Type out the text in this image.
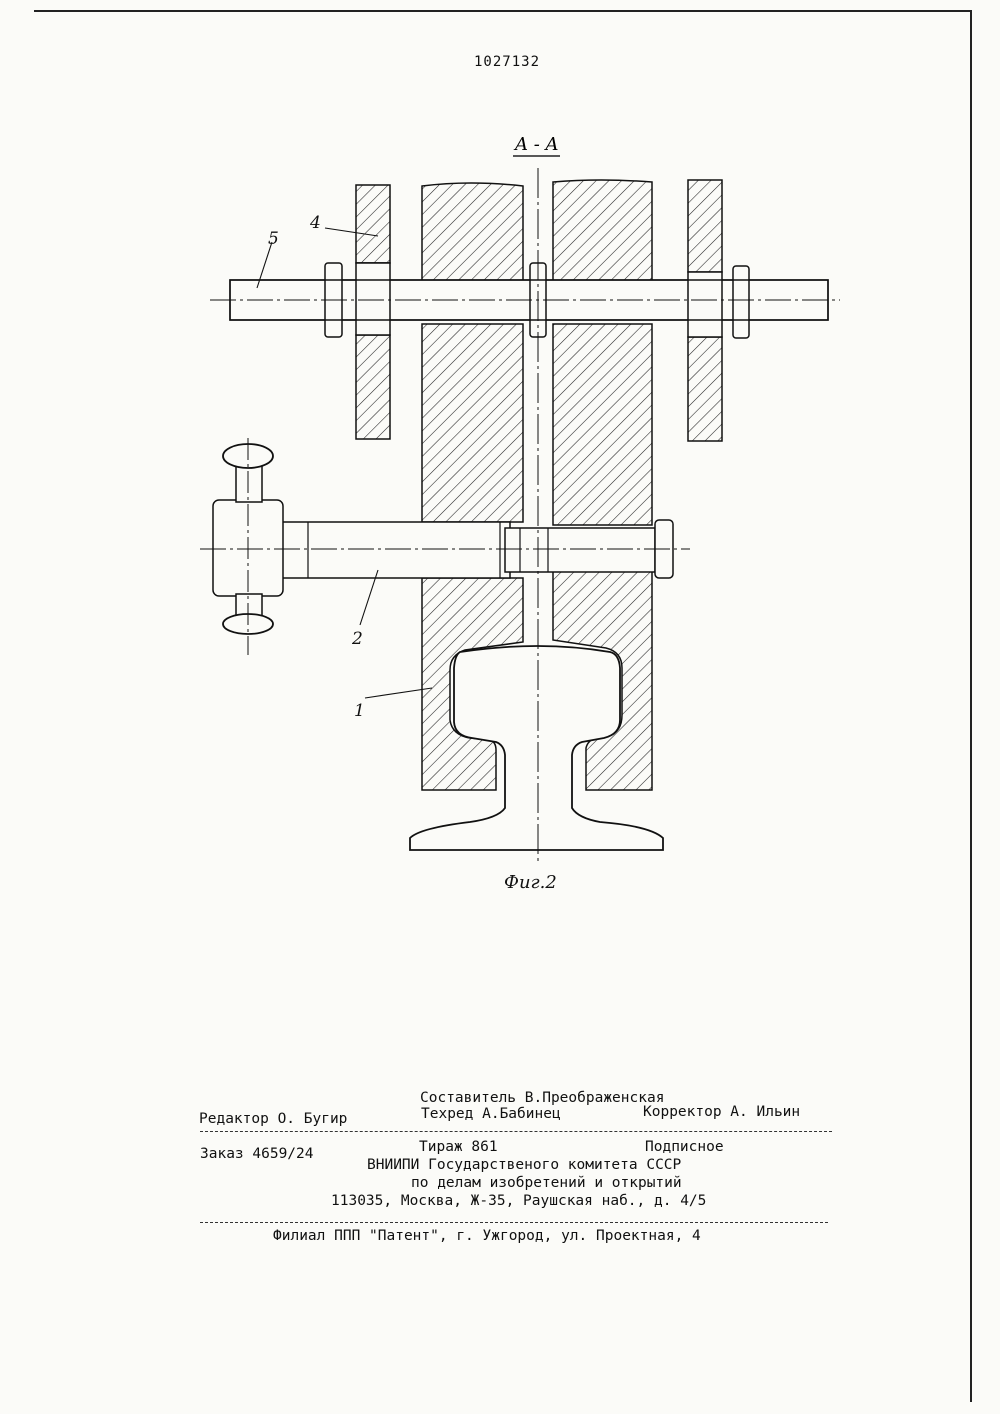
1027132
A - A
5
4
2
1
Фиг.2
Составитель В.Преображенская
Редактор О. Бугир	Техред А.Бабинец	Корректор А. Ильин
Заказ 4659/24	Тираж 861	Подписное
ВНИИПИ Государственого комитета СССР
по делам изобретений и открытий
113035, Москва, Ж-35, Раушская наб., д. 4/5
Филиал ППП "Патент", г. Ужгород, ул. Проектная, 4
